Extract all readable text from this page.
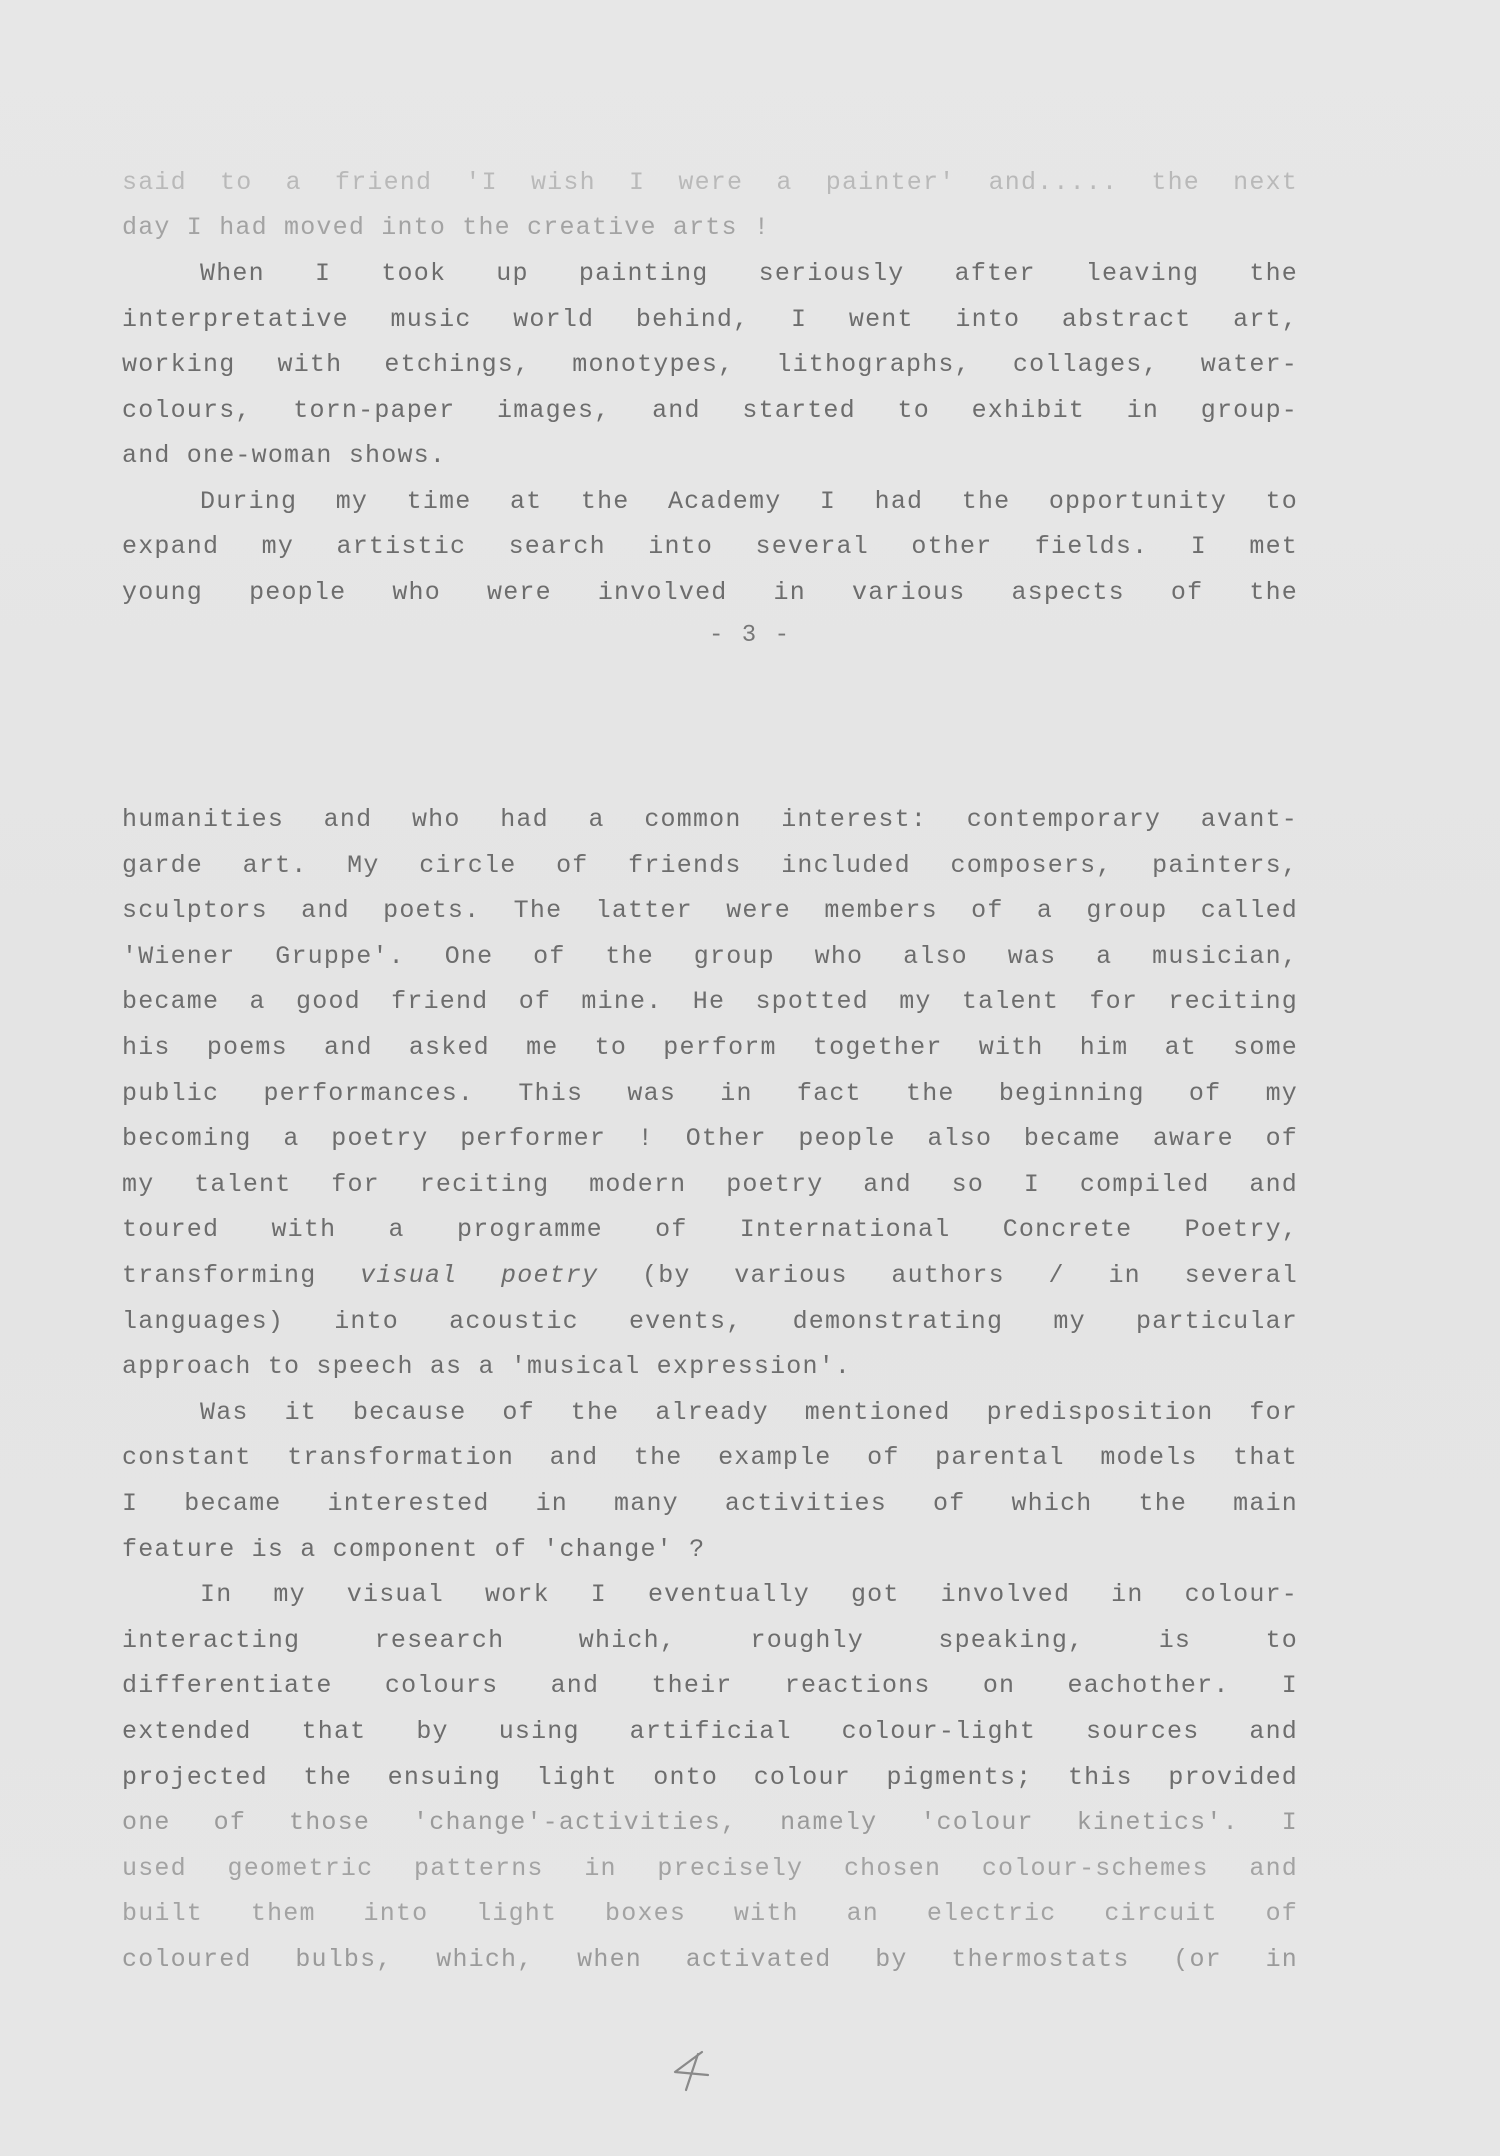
said to a friend 'I wish I were a painter' and..... the next
day I had moved into the creative arts !
When I took up painting seriously after leaving the
interpretative music world behind, I went into abstract art,
working with etchings, monotypes, lithographs, collages, water-
colours, torn-paper images, and started to exhibit in group-
and one-woman shows.
During my time at the Academy I had the opportunity to
expand my artistic search into several other fields. I met
young people who were involved in various aspects of the
- 3 -
humanities and who had a common interest: contemporary avant-
garde art. My circle of friends included composers, painters,
sculptors and poets. The latter were members of a group called
'Wiener Gruppe'. One of the group who also was a musician,
became a good friend of mine. He spotted my talent for reciting
his poems and asked me to perform together with him at some
public performances. This was in fact the beginning of my
becoming a poetry performer ! Other people also became aware of
my talent for reciting modern poetry and so I compiled and
toured with a programme of International Concrete Poetry,
transforming visual poetry (by various authors / in several
languages) into acoustic events, demonstrating my particular
approach to speech as a 'musical expression'.
Was it because of the already mentioned predisposition for
constant transformation and the example of parental models that
I became interested in many activities of which the main
feature is a component of 'change' ?
In my visual work I eventually got involved in colour-
interacting research which, roughly speaking, is to
differentiate colours and their reactions on eachother. I
extended that by using artificial colour-light sources and
projected the ensuing light onto colour pigments; this provided
one of those 'change'-activities, namely 'colour kinetics'. I
used geometric patterns in precisely chosen colour-schemes and
built them into light boxes with an electric circuit of
coloured bulbs, which, when activated by thermostats (or in
